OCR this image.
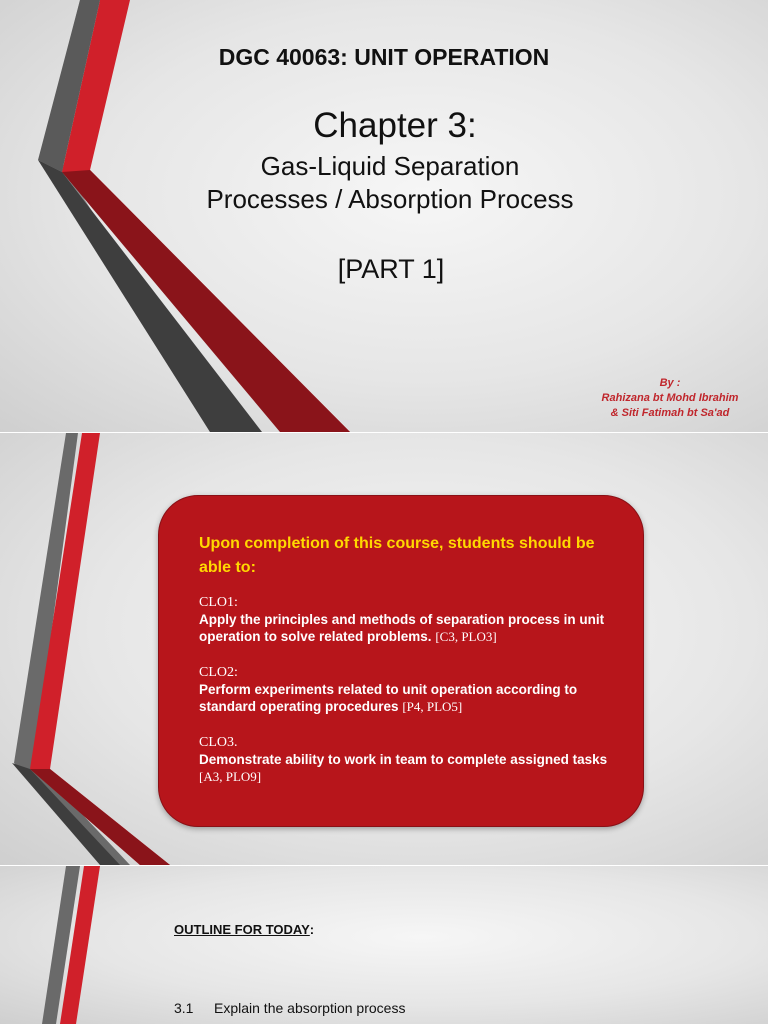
DGC 40063: UNIT OPERATION
Chapter 3:
Gas-Liquid Separation
Processes / Absorption Process
[PART 1]
By :
Rahizana bt Mohd Ibrahim
& Siti Fatimah bt Sa'ad
Upon completion of this course, students should be able to:
CLO1:
Apply the principles and methods of separation process in unit operation to solve related problems. [C3, PLO3]
CLO2:
Perform experiments related to unit operation according to standard operating procedures [P4, PLO5]
CLO3.
Demonstrate ability to work in team to complete assigned tasks [A3, PLO9]
OUTLINE FOR TODAY:
3.1 Explain the absorption process
